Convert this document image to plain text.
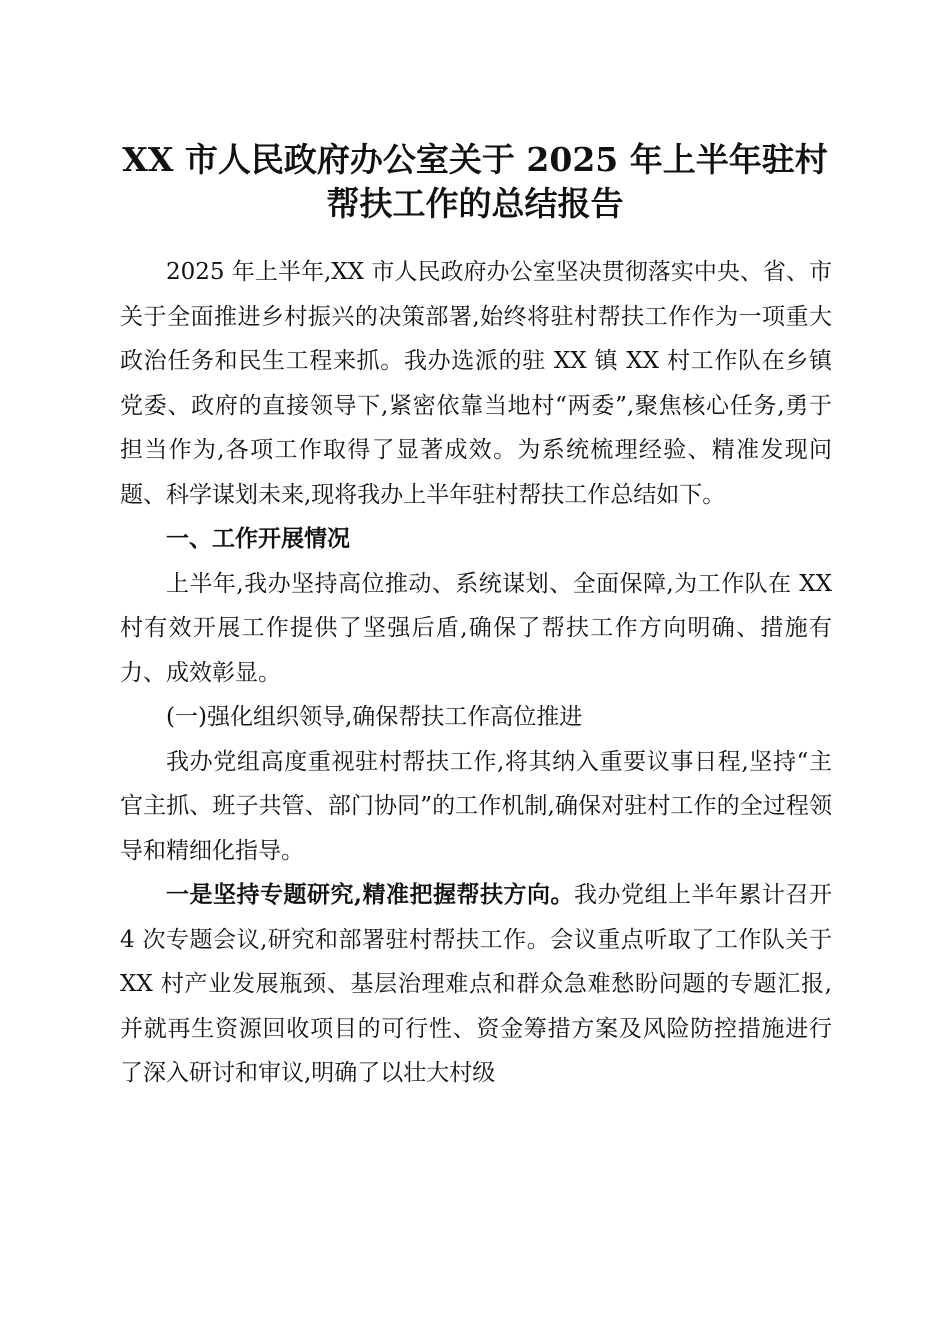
XX 市人民政府办公室关于 2025 年上半年驻村
帮扶工作的总结报告

2025 年上半年,XX 市人民政府办公室坚决贯彻落实中央、省、市关于全面推进乡村振兴的决策部署,始终将驻村帮扶工作作为一项重大政治任务和民生工程来抓。我办选派的驻 XX 镇 XX 村工作队在乡镇党委、政府的直接领导下,紧密依靠当地村“两委”,聚焦核心任务,勇于担当作为,各项工作取得了显著成效。为系统梳理经验、精准发现问题、科学谋划未来,现将我办上半年驻村帮扶工作总结如下。

一、工作开展情况

上半年,我办坚持高位推动、系统谋划、全面保障,为工作队在 XX 村有效开展工作提供了坚强后盾,确保了帮扶工作方向明确、措施有力、成效彰显。

(一)强化组织领导,确保帮扶工作高位推进

我办党组高度重视驻村帮扶工作,将其纳入重要议事日程,坚持“主官主抓、班子共管、部门协同”的工作机制,确保对驻村工作的全过程领导和精细化指导。

一是坚持专题研究,精准把握帮扶方向。我办党组上半年累计召开 4 次专题会议,研究和部署驻村帮扶工作。会议重点听取了工作队关于 XX 村产业发展瓶颈、基层治理难点和群众急难愁盼问题的专题汇报,并就再生资源回收项目的可行性、资金筹措方案及风险防控措施进行了深入研讨和审议,明确了以壮大村级
